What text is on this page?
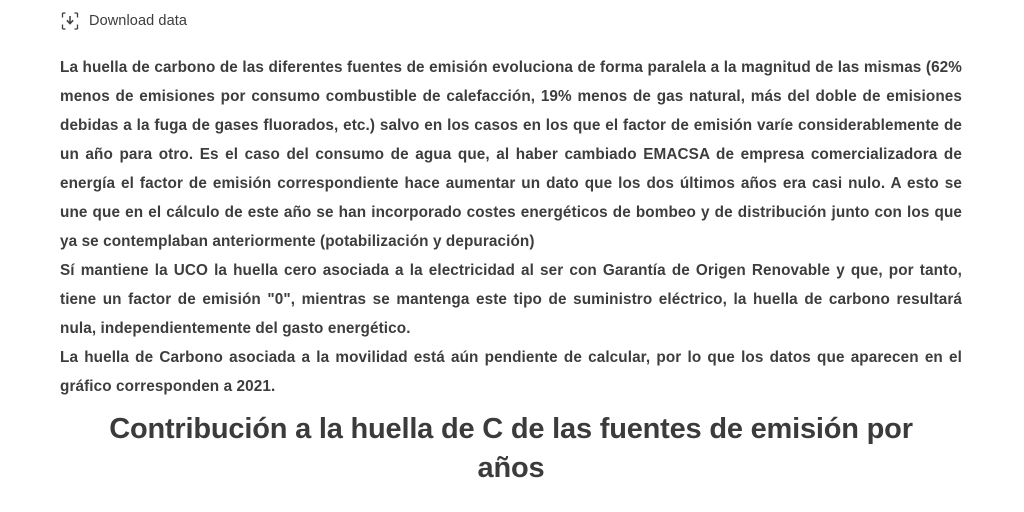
Download data

La huella de carbono de las diferentes fuentes de emisión evoluciona de forma paralela a la magnitud de las mismas (62% menos de emisiones por consumo combustible de calefacción, 19% menos de gas natural, más del doble de emisiones debidas a la fuga de gases fluorados, etc.) salvo en los casos en los que el factor de emisión varíe considerablemente de un año para otro. Es el caso del consumo de agua que, al haber cambiado EMACSA de empresa comercializadora de energía el factor de emisión correspondiente hace aumentar un dato que los dos últimos años era casi nulo. A esto se une que en el cálculo de este año se han incorporado costes energéticos de bombeo y de distribución junto con los que ya se contemplaban anteriormente (potabilización y depuración)

Sí mantiene la UCO la huella cero asociada a la electricidad al ser con Garantía de Origen Renovable y que, por tanto, tiene un factor de emisión "0", mientras se mantenga este tipo de suministro eléctrico, la huella de carbono resultará nula, independientemente del gasto energético.

La huella de Carbono asociada a la movilidad está aún pendiente de calcular, por lo que los datos que aparecen en el gráfico corresponden a 2021.

Contribución a la huella de C de las fuentes de emisión por años
